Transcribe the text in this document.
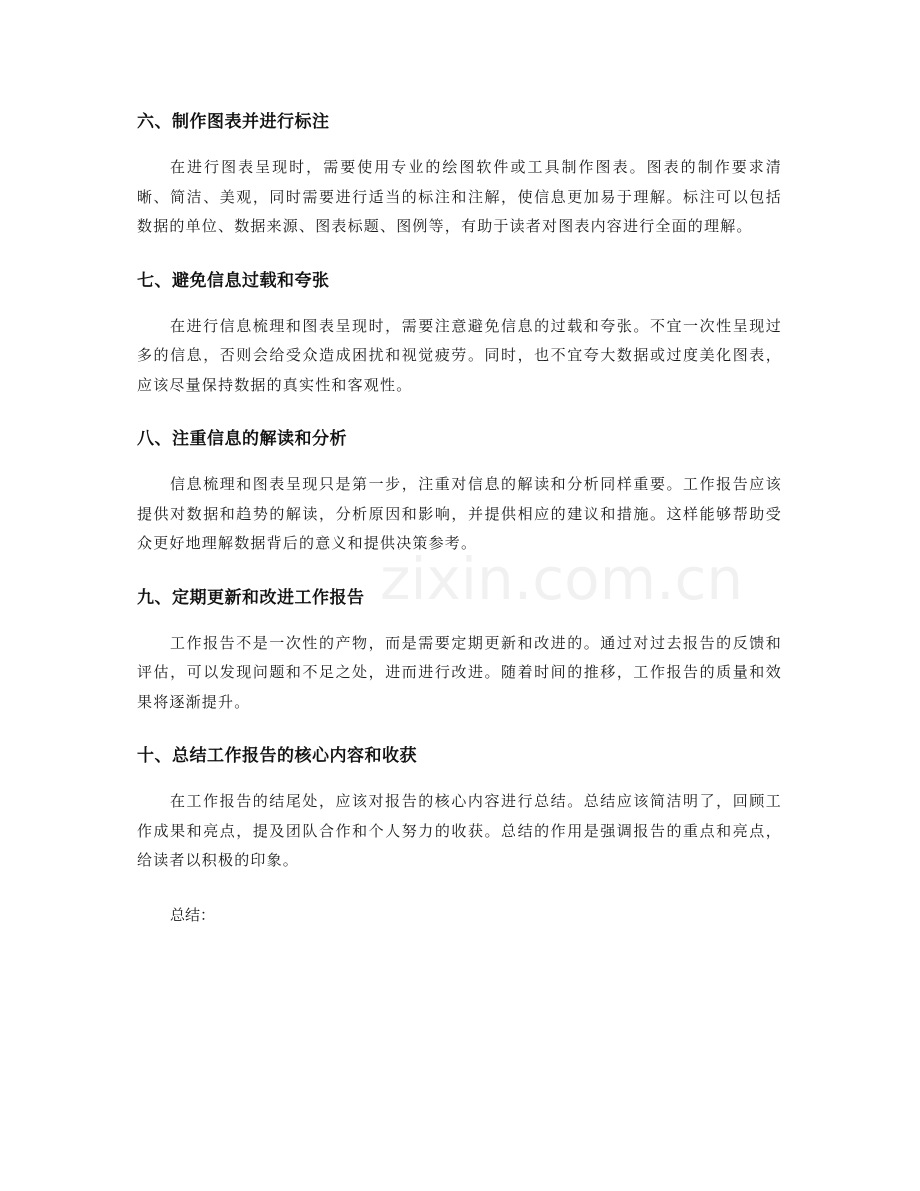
zixin.com.cn
六、制作图表并进行标注

在进行图表呈现时，需要使用专业的绘图软件或工具制作图表。图表的制作要求清晰、简洁、美观，同时需要进行适当的标注和注解，使信息更加易于理解。标注可以包括数据的单位、数据来源、图表标题、图例等，有助于读者对图表内容进行全面的理解。

七、避免信息过载和夸张

在进行信息梳理和图表呈现时，需要注意避免信息的过载和夸张。不宜一次性呈现过多的信息，否则会给受众造成困扰和视觉疲劳。同时，也不宜夸大数据或过度美化图表，应该尽量保持数据的真实性和客观性。

八、注重信息的解读和分析

信息梳理和图表呈现只是第一步，注重对信息的解读和分析同样重要。工作报告应该提供对数据和趋势的解读，分析原因和影响，并提供相应的建议和措施。这样能够帮助受众更好地理解数据背后的意义和提供决策参考。

九、定期更新和改进工作报告

工作报告不是一次性的产物，而是需要定期更新和改进的。通过对过去报告的反馈和评估，可以发现问题和不足之处，进而进行改进。随着时间的推移，工作报告的质量和效果将逐渐提升。

十、总结工作报告的核心内容和收获

在工作报告的结尾处，应该对报告的核心内容进行总结。总结应该简洁明了，回顾工作成果和亮点，提及团队合作和个人努力的收获。总结的作用是强调报告的重点和亮点，给读者以积极的印象。

总结：
